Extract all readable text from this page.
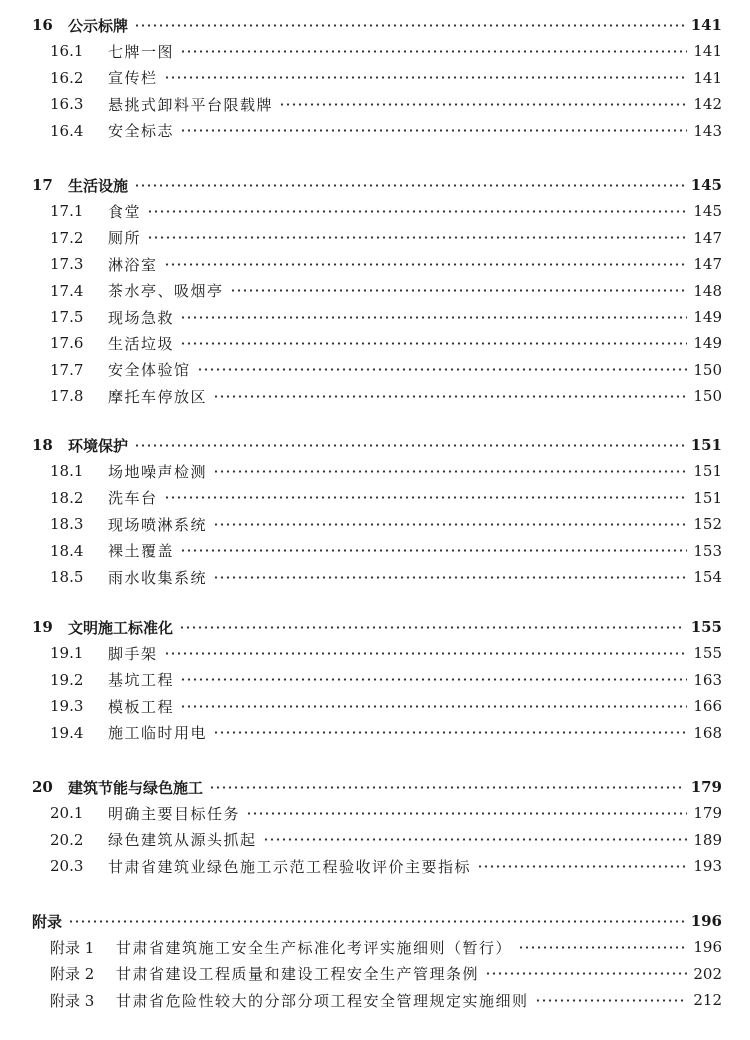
16	公示标牌	141
16.1	七牌一图	141
16.2	宣传栏	141
16.3	悬挑式卸料平台限载牌	142
16.4	安全标志	143
17	生活设施	145
17.1	食堂	145
17.2	厕所	147
17.3	淋浴室	147
17.4	茶水亭、吸烟亭	148
17.5	现场急救	149
17.6	生活垃圾	149
17.7	安全体验馆	150
17.8	摩托车停放区	150
18	环境保护	151
18.1	场地噪声检测	151
18.2	洗车台	151
18.3	现场喷淋系统	152
18.4	裸土覆盖	153
18.5	雨水收集系统	154
19	文明施工标准化	155
19.1	脚手架	155
19.2	基坑工程	163
19.3	模板工程	166
19.4	施工临时用电	168
20	建筑节能与绿色施工	179
20.1	明确主要目标任务	179
20.2	绿色建筑从源头抓起	189
20.3	甘肃省建筑业绿色施工示范工程验收评价主要指标	193
附录	196
附录 1	甘肃省建筑施工安全生产标准化考评实施细则（暂行）	196
附录 2	甘肃省建设工程质量和建设工程安全生产管理条例	202
附录 3	甘肃省危险性较大的分部分项工程安全管理规定实施细则	212
